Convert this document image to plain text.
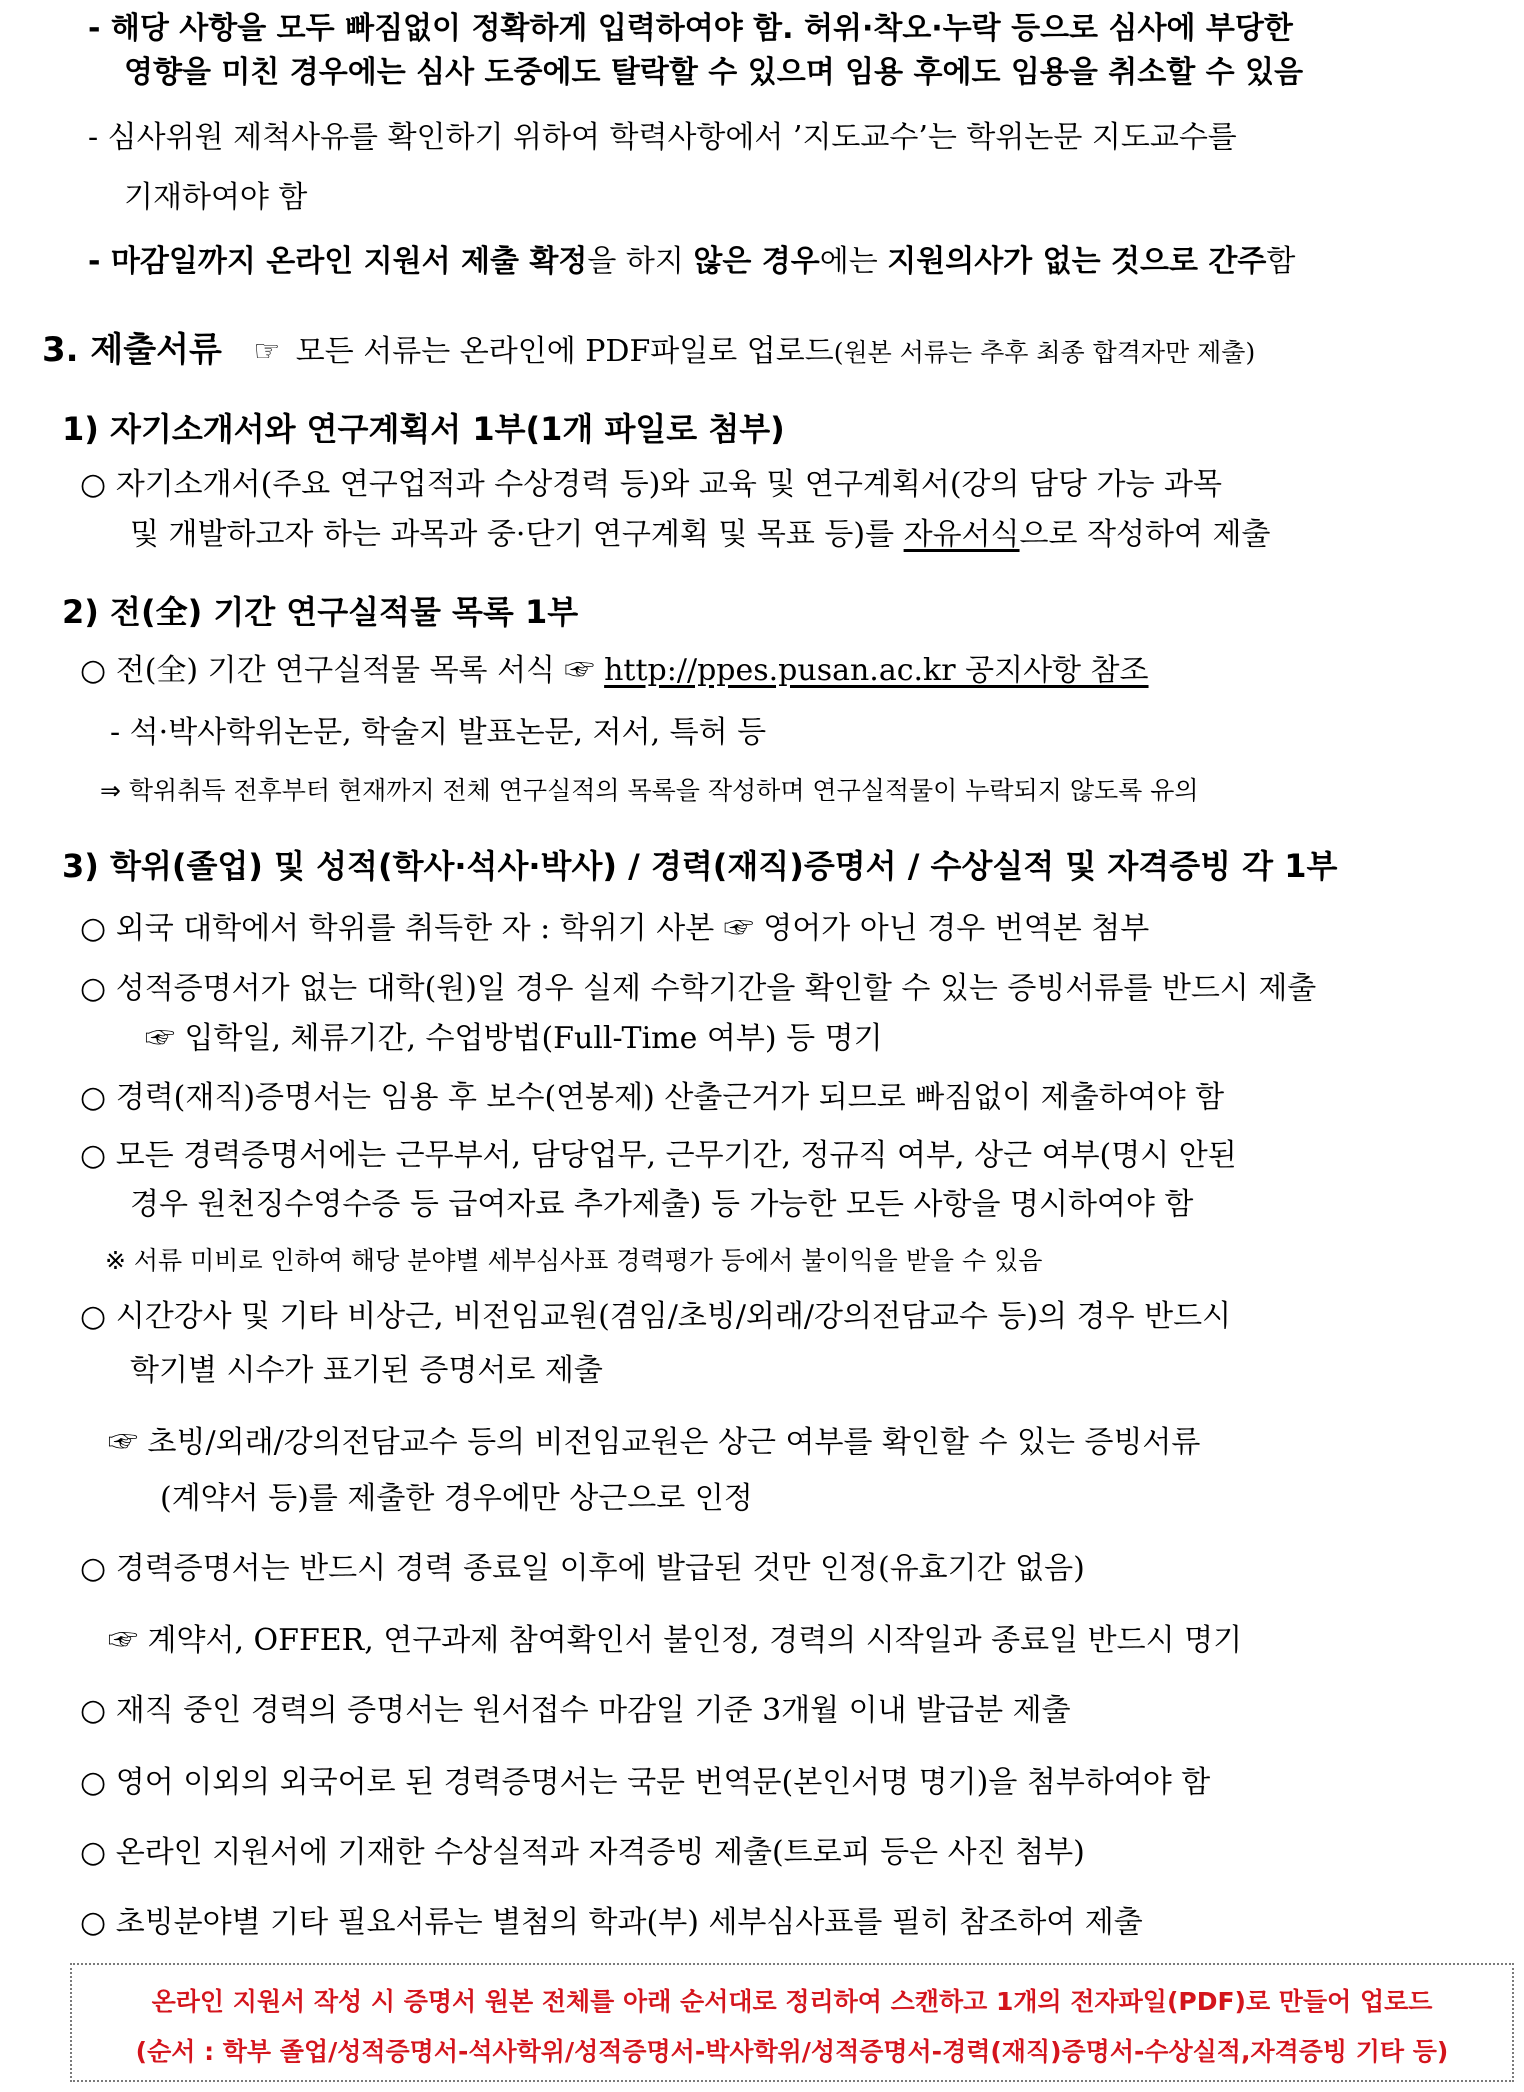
- 해당 사항을 모두 빠짐없이 정확하게 입력하여야 함. 허위·착오·누락 등으로 심사에 부당한
영향을 미친 경우에는 심사 도중에도 탈락할 수 있으며 임용 후에도 임용을 취소할 수 있음
- 심사위원 제척사유를 확인하기 위하여 학력사항에서 ’지도교수’는 학위논문 지도교수를
기재하여야 함
- 마감일까지 온라인 지원서 제출 확정을 하지 않은 경우에는 지원의사가 없는 것으로 간주함
3. 제출서류 ☞ 모든 서류는 온라인에 PDF파일로 업로드(원본 서류는 추후 최종 합격자만 제출)
1) 자기소개서와 연구계획서 1부(1개 파일로 첨부)
○ 자기소개서(주요 연구업적과 수상경력 등)와 교육 및 연구계획서(강의 담당 가능 과목
및 개발하고자 하는 과목과 중·단기 연구계획 및 목표 등)를 자유서식으로 작성하여 제출
2) 전(全) 기간 연구실적물 목록 1부
○ 전(全) 기간 연구실적물 목록 서식 ☞ http://ppes.pusan.ac.kr 공지사항 참조
- 석·박사학위논문, 학술지 발표논문, 저서, 특허 등
⇒ 학위취득 전후부터 현재까지 전체 연구실적의 목록을 작성하며 연구실적물이 누락되지 않도록 유의
3) 학위(졸업) 및 성적(학사·석사·박사) / 경력(재직)증명서 / 수상실적 및 자격증빙 각 1부
○ 외국 대학에서 학위를 취득한 자 : 학위기 사본 ☞ 영어가 아닌 경우 번역본 첨부
○ 성적증명서가 없는 대학(원)일 경우 실제 수학기간을 확인할 수 있는 증빙서류를 반드시 제출
☞ 입학일, 체류기간, 수업방법(Full-Time 여부) 등 명기
○ 경력(재직)증명서는 임용 후 보수(연봉제) 산출근거가 되므로 빠짐없이 제출하여야 함
○ 모든 경력증명서에는 근무부서, 담당업무, 근무기간, 정규직 여부, 상근 여부(명시 안된
경우 원천징수영수증 등 급여자료 추가제출) 등 가능한 모든 사항을 명시하여야 함
※ 서류 미비로 인하여 해당 분야별 세부심사표 경력평가 등에서 불이익을 받을 수 있음
○ 시간강사 및 기타 비상근, 비전임교원(겸임/초빙/외래/강의전담교수 등)의 경우 반드시
학기별 시수가 표기된 증명서로 제출
☞ 초빙/외래/강의전담교수 등의 비전임교원은 상근 여부를 확인할 수 있는 증빙서류
(계약서 등)를 제출한 경우에만 상근으로 인정
○ 경력증명서는 반드시 경력 종료일 이후에 발급된 것만 인정(유효기간 없음)
☞ 계약서, OFFER, 연구과제 참여확인서 불인정, 경력의 시작일과 종료일 반드시 명기
○ 재직 중인 경력의 증명서는 원서접수 마감일 기준 3개월 이내 발급분 제출
○ 영어 이외의 외국어로 된 경력증명서는 국문 번역문(본인서명 명기)을 첨부하여야 함
○ 온라인 지원서에 기재한 수상실적과 자격증빙 제출(트로피 등은 사진 첨부)
○ 초빙분야별 기타 필요서류는 별첨의 학과(부) 세부심사표를 필히 참조하여 제출
온라인 지원서 작성 시 증명서 원본 전체를 아래 순서대로 정리하여 스캔하고 1개의 전자파일(PDF)로 만들어 업로드
(순서 : 학부 졸업/성적증명서-석사학위/성적증명서-박사학위/성적증명서-경력(재직)증명서-수상실적,자격증빙 기타 등)
